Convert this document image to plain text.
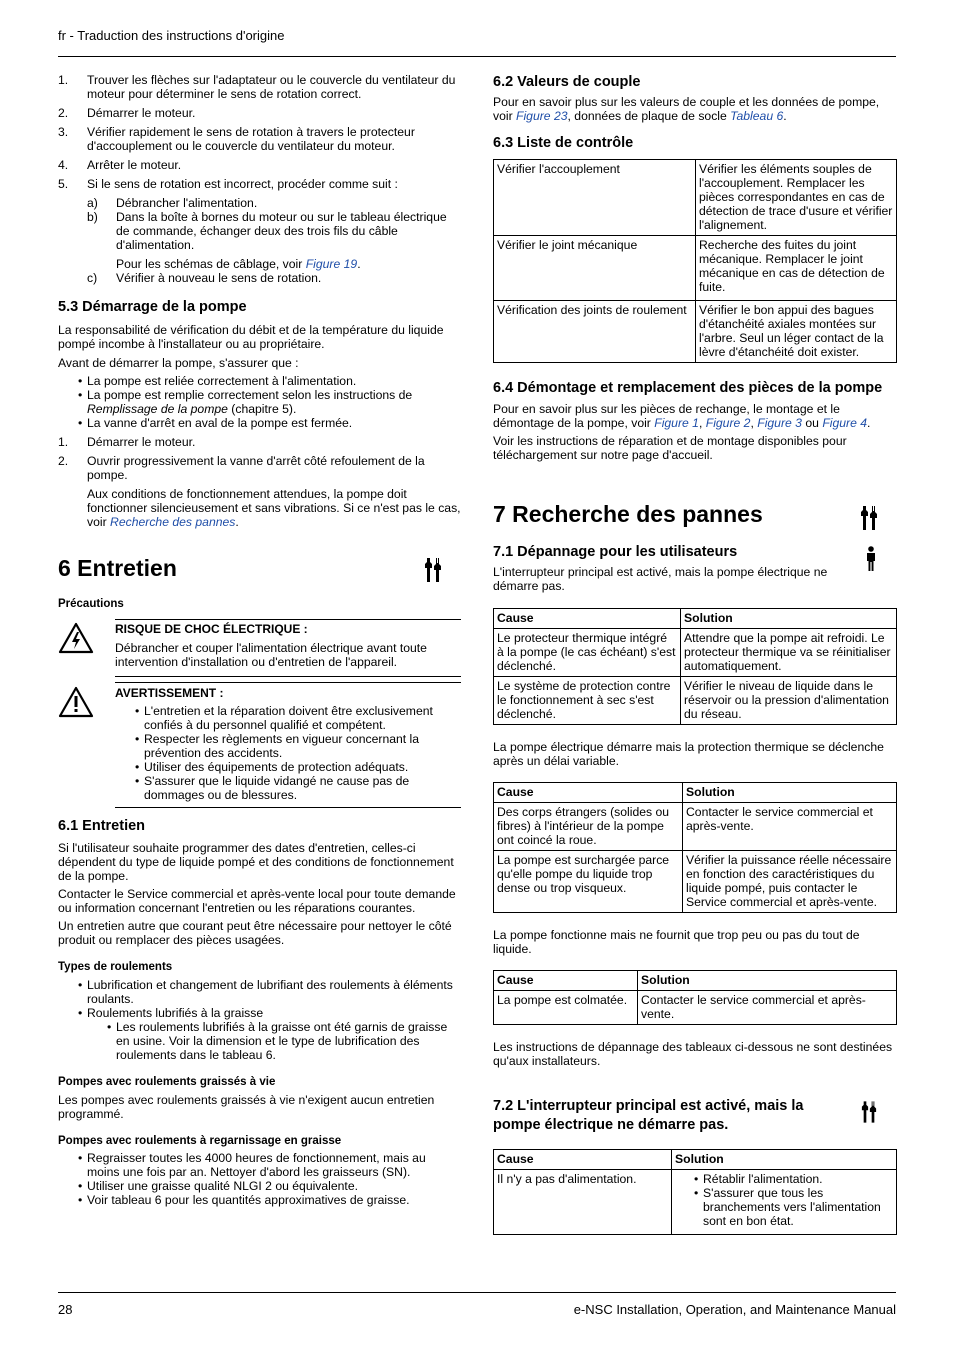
fr - Traduction des instructions d'origine
1. Trouver les flèches sur l'adaptateur ou le couvercle du ventilateur du moteur pour déterminer le sens de rotation correct.
2. Démarrer le moteur.
3. Vérifier rapidement le sens de rotation à travers le protecteur d'accouplement ou le couvercle du ventilateur du moteur.
4. Arrêter le moteur.
5. Si le sens de rotation est incorrect, procéder comme suit :
a) Débrancher l'alimentation.
b) Dans la boîte à bornes du moteur ou sur le tableau électrique de commande, échanger deux des trois fils du câble d'alimentation.
Pour les schémas de câblage, voir Figure 19.
c) Vérifier à nouveau le sens de rotation.
5.3 Démarrage de la pompe

La responsabilité de vérification du débit et de la température du liquide pompé incombe à l'installateur ou au propriétaire.

Avant de démarrer la pompe, s'assurer que :

• La pompe est reliée correctement à l'alimentation.
• La pompe est remplie correctement selon les instructions de Remplissage de la pompe (chapitre 5).
• La vanne d'arrêt en aval de la pompe est fermée.
1. Démarrer le moteur.
2. Ouvrir progressivement la vanne d'arrêt côté refoulement de la pompe.
Aux conditions de fonctionnement attendues, la pompe doit fonctionner silencieusement et sans vibrations. Si ce n'est pas le cas, voir Recherche des pannes.
6 Entretien
Précautions
RISQUE DE CHOC ÉLECTRIQUE :

Débrancher et couper l'alimentation électrique avant toute intervention d'installation ou d'entretien de l'appareil.

AVERTISSEMENT :
• L'entretien et la réparation doivent être exclusivement confiés à du personnel qualifié et compétent.
• Respecter les règlements en vigueur concernant la prévention des accidents.
• Utiliser des équipements de protection adéquats.
• S'assurer que le liquide vidangé ne cause pas de dommages ou de blessures.
6.1 Entretien

Si l'utilisateur souhaite programmer des dates d'entretien, celles-ci dépendent du type de liquide pompé et des conditions de fonctionnement de la pompe.

Contacter le Service commercial et après-vente local pour toute demande ou information concernant l'entretien ou les réparations courantes.

Un entretien autre que courant peut être nécessaire pour nettoyer le côté produit ou remplacer des pièces usagées.

Types de roulements
• Lubrification et changement de lubrifiant des roulements à éléments roulants.
• Roulements lubrifiés à la graisse
• Les roulements lubrifiés à la graisse ont été garnis de graisse en usine. Voir la dimension et le type de lubrification des roulements dans le tableau 6.
Pompes avec roulements graissés à vie

Les pompes avec roulements graissés à vie n'exigent aucun entretien programmé.

Pompes avec roulements à regarnissage en graisse
• Regraisser toutes les 4000 heures de fonctionnement, mais au moins une fois par an. Nettoyer d'abord les graisseurs (SN).
• Utiliser une graisse qualité NLGI 2 ou équivalente.
• Voir tableau 6 pour les quantités approximatives de graisse.
6.2 Valeurs de couple

Pour en savoir plus sur les valeurs de couple et les données de pompe, voir Figure 23, données de plaque de socle Tableau 6.

6.3 Liste de contrôle
Vérifier l'accouplement	Vérifier les éléments souples de l'accouplement. Remplacer les pièces correspondantes en cas de détection de trace d'usure et vérifier l'alignement.
Vérifier le joint mécanique	Recherche des fuites du joint mécanique. Remplacer le joint mécanique en cas de détection de fuite.
Vérification des joints de roulement	Vérifier le bon appui des bagues d'étanchéité axiales montées sur l'arbre. Seul un léger contact de la lèvre d'étanchéité doit exister.
6.4 Démontage et remplacement des pièces de la pompe

Pour en savoir plus sur les pièces de rechange, le montage et le démontage de la pompe, voir Figure 1, Figure 2, Figure 3 ou Figure 4.

Voir les instructions de réparation et de montage disponibles pour téléchargement sur notre page d'accueil.

7 Recherche des pannes
7.1 Dépannage pour les utilisateurs

L'interrupteur principal est activé, mais la pompe électrique ne démarre pas.

Cause	Solution
Le protecteur thermique intégré à la pompe (le cas échéant) s'est déclenché.	Attendre que la pompe ait refroidi. Le protecteur thermique va se réinitialiser automatiquement.
Le système de protection contre le fonctionnement à sec s'est déclenché.	Vérifier le niveau de liquide dans le réservoir ou la pression d'alimentation du réseau.

La pompe électrique démarre mais la protection thermique se déclenche après un délai variable.

Cause	Solution
Des corps étrangers (solides ou fibres) à l'intérieur de la pompe ont coincé la roue.	Contacter le service commercial et après-vente.
La pompe est surchargée parce qu'elle pompe du liquide trop dense ou trop visqueux.	Vérifier la puissance réelle nécessaire en fonction des caractéristiques du liquide pompé, puis contacter le Service commercial et après-vente.

La pompe fonctionne mais ne fournit que trop peu ou pas du tout de liquide.

Cause	Solution
La pompe est colmatée.	Contacter le service commercial et après-vente.

Les instructions de dépannage des tableaux ci-dessous ne sont destinées qu'aux installateurs.

7.2 L'interrupteur principal est activé, mais la pompe électrique ne démarre pas.
Cause	Solution
Il n'y a pas d'alimentation.	• Rétablir l'alimentation.
• S'assurer que tous les branchements vers l'alimentation sont en bon état.
28	e-NSC Installation, Operation, and Maintenance Manual
